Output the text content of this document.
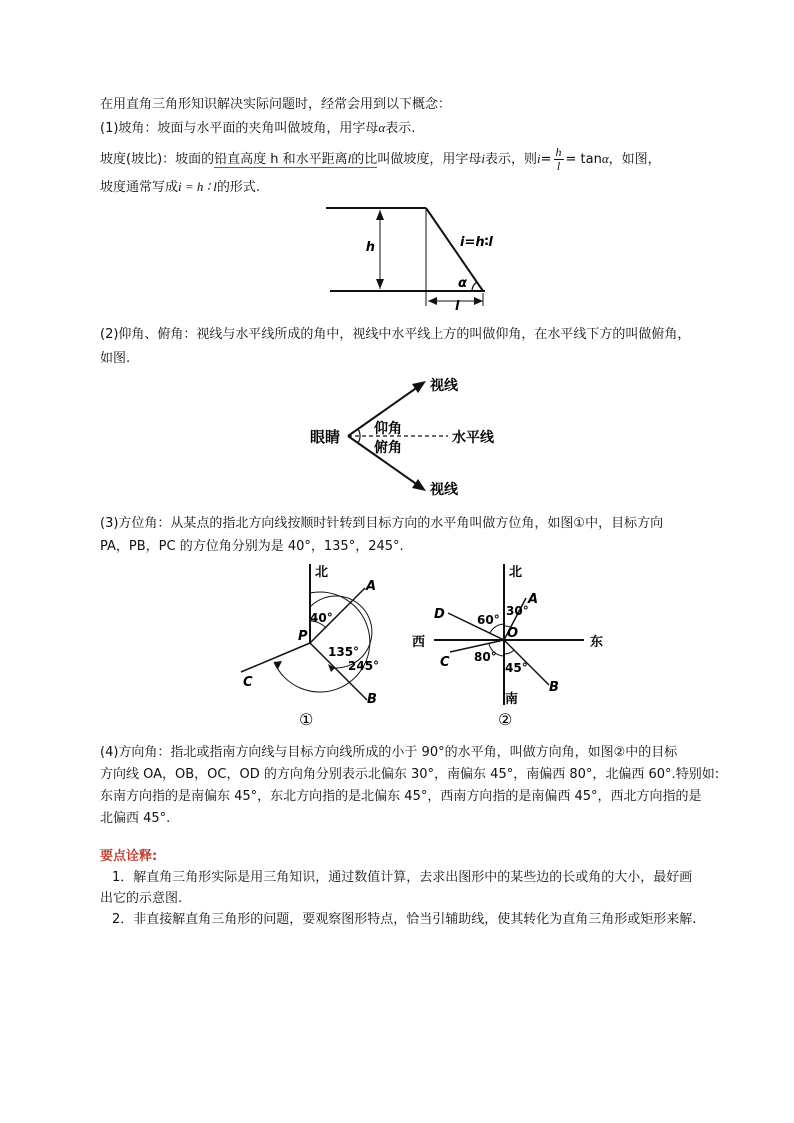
在用直角三角形知识解决实际问题时，经常会用到以下概念：
(1)坡角：坡面与水平面的夹角叫做坡角，用字母α表示.
坡度(坡比)：坡面的铅直高度 h 和水平距离l的比叫做坡度，用字母i表示，则$i= \frac{h}{l} = \tan\alpha$，如图，
坡度通常写成i = h ∶ l的形式.
h	i=h∶l
α
l
(2)仰角、俯角：视线与水平线所成的角中，视线中水平线上方的叫做仰角，在水平线下方的叫做俯角，
如图.
眼睛
视线
视线
仰角
俯角
水平线
(3)方位角：从某点的指北方向线按顺时针转到目标方向的水平角叫做方位角，如图①中，目标方向
PA，PB，PC 的方位角分别为是 40°，135°，245°.
北
A
B
C
P
40°
135°
245°
①
北
南
东
西
A
B
C
D
O
30°
60°
80°
45°
②
(4)方向角：指北或指南方向线与目标方向线所成的小于 90°的水平角，叫做方向角，如图②中的目标
方向线 OA，OB，OC，OD 的方向角分别表示北偏东 30°，南偏东 45°，南偏西 80°，北偏西 60°.特别如:
东南方向指的是南偏东 45°，东北方向指的是北偏东 45°，西南方向指的是南偏西 45°，西北方向指的是
北偏西 45°.
要点诠释:
1．解直角三角形实际是用三角知识，通过数值计算，去求出图形中的某些边的长或角的大小，最好画
出它的示意图.
2．非直接解直角三角形的问题，要观察图形特点，恰当引辅助线，使其转化为直角三角形或矩形来解.
